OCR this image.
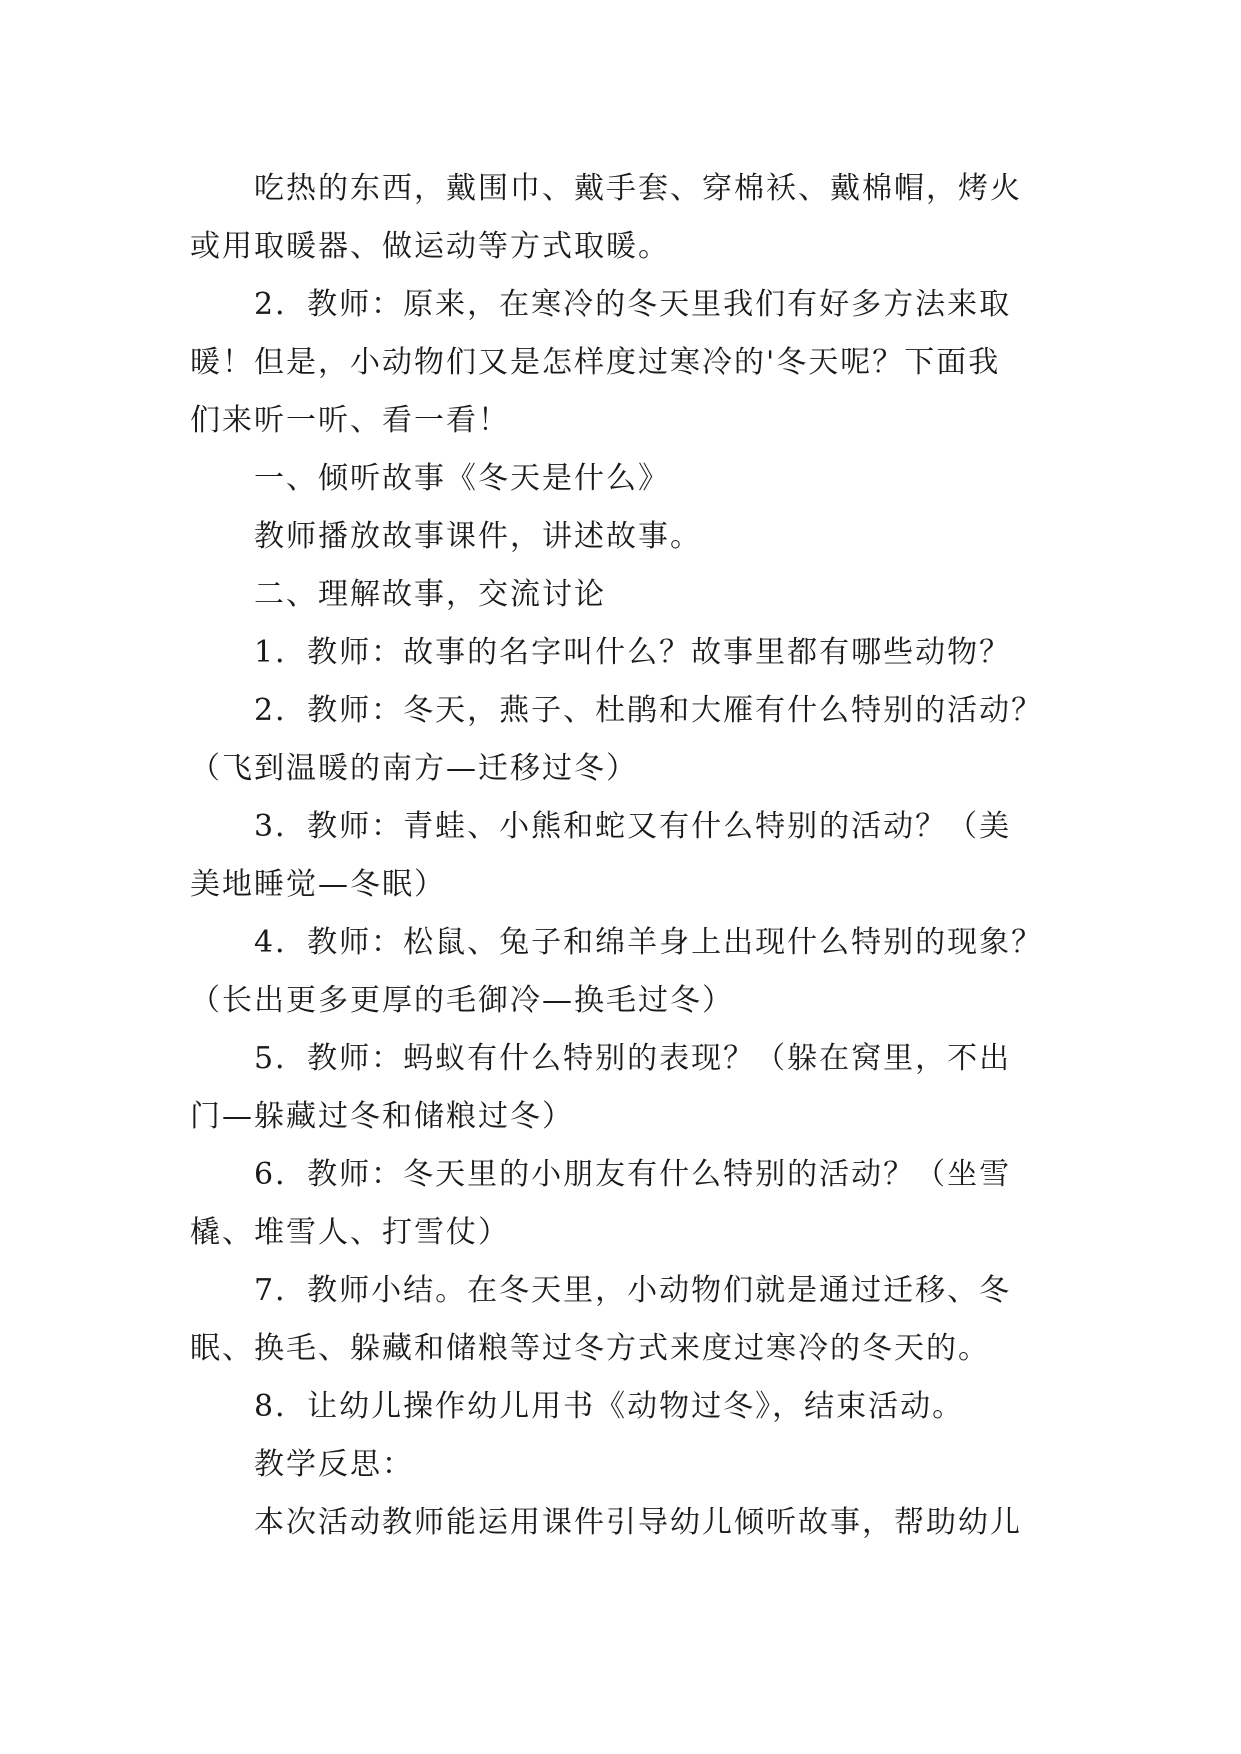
吃热的东西，戴围巾、戴手套、穿棉袄、戴棉帽，烤火
或用取暖器、做运动等方式取暖。
2．教师：原来，在寒冷的冬天里我们有好多方法来取
暖！但是，小动物们又是怎样度过寒冷的'冬天呢？下面我
们来听一听、看一看！
一、倾听故事《冬天是什么》
教师播放故事课件，讲述故事。
二、理解故事，交流讨论
1．教师：故事的名字叫什么？故事里都有哪些动物？
2．教师：冬天，燕子、杜鹃和大雁有什么特别的活动？
（飞到温暖的南方—迁移过冬）
3．教师：青蛙、小熊和蛇又有什么特别的活动？（美
美地睡觉—冬眠）
4．教师：松鼠、兔子和绵羊身上出现什么特别的现象？
（长出更多更厚的毛御冷—换毛过冬）
5．教师：蚂蚁有什么特别的表现？（躲在窝里，不出
门—躲藏过冬和储粮过冬）
6．教师：冬天里的小朋友有什么特别的活动？（坐雪
橇、堆雪人、打雪仗）
7．教师小结。在冬天里，小动物们就是通过迁移、冬
眠、换毛、躲藏和储粮等过冬方式来度过寒冷的冬天的。
8．让幼儿操作幼儿用书《动物过冬》，结束活动。
教学反思：
本次活动教师能运用课件引导幼儿倾听故事，帮助幼儿
